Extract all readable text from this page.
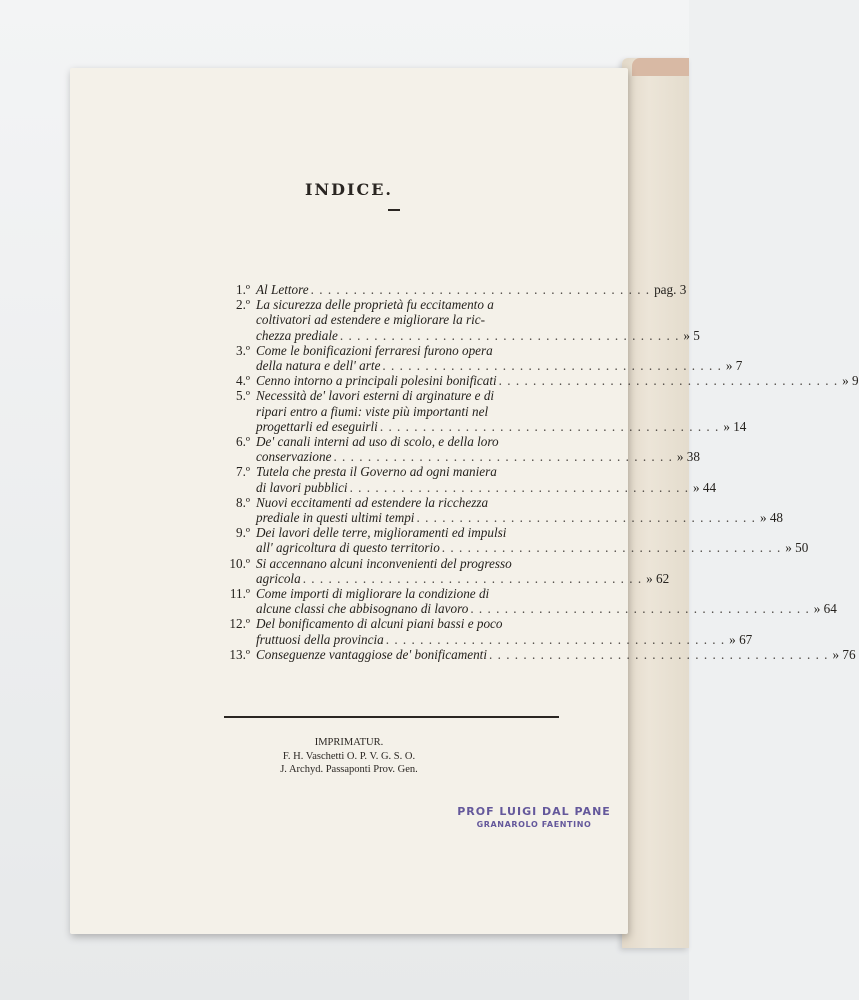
INDICE.
1.º Al Lettore . . . . . . . . . . . . . . . . . . . . . . . . . . . . . . . . . . . . . . . . pag. 3
2.º La sicurezza delle proprietà fu eccitamento a
coltivatori ad estendere e migliorare la ric-
chezza prediale . . . . . . . . . . . . . . . . . . . . . . . . . . . . . . . . . . . . . . . . » 5
3.º Come le bonificazioni ferraresi furono opera
della natura e dell' arte . . . . . . . . . . . . . . . . . . . . . . . . . . . . . . . . . . . . . . . . » 7
4.º Cenno intorno a principali polesini bonificati . . . . . . . . . . . . . . . . . . . . . . . . . . . . . . . . . . . . . . . . » 9
5.º Necessità de' lavori esterni di arginature e di
ripari entro a fiumi: viste più importanti nel
progettarli ed eseguirli . . . . . . . . . . . . . . . . . . . . . . . . . . . . . . . . . . . . . . . . » 14
6.º De' canali interni ad uso di scolo, e della loro
conservazione . . . . . . . . . . . . . . . . . . . . . . . . . . . . . . . . . . . . . . . . » 38
7.º Tutela che presta il Governo ad ogni maniera
di lavori pubblici . . . . . . . . . . . . . . . . . . . . . . . . . . . . . . . . . . . . . . . . » 44
8.º Nuovi eccitamenti ad estendere la ricchezza
prediale in questi ultimi tempi . . . . . . . . . . . . . . . . . . . . . . . . . . . . . . . . . . . . . . . . » 48
9.º Dei lavori delle terre, miglioramenti ed impulsi
all' agricoltura di questo territorio . . . . . . . . . . . . . . . . . . . . . . . . . . . . . . . . . . . . . . . . » 50
10.º Si accennano alcuni inconvenienti del progresso
agricola . . . . . . . . . . . . . . . . . . . . . . . . . . . . . . . . . . . . . . . . » 62
11.º Come importi di migliorare la condizione di
alcune classi che abbisognano di lavoro . . . . . . . . . . . . . . . . . . . . . . . . . . . . . . . . . . . . . . . . » 64
12.º Del bonificamento di alcuni piani bassi e poco
fruttuosi della provincia . . . . . . . . . . . . . . . . . . . . . . . . . . . . . . . . . . . . . . . . » 67
13.º Conseguenze vantaggiose de' bonificamenti . . . . . . . . . . . . . . . . . . . . . . . . . . . . . . . . . . . . . . . . » 76
IMPRIMATUR.
F. H. Vaschetti O. P. V. G. S. O.
J. Archyd. Passaponti Prov. Gen.
PROF LUIGI DAL PANE
GRANAROLO FAENTINO
